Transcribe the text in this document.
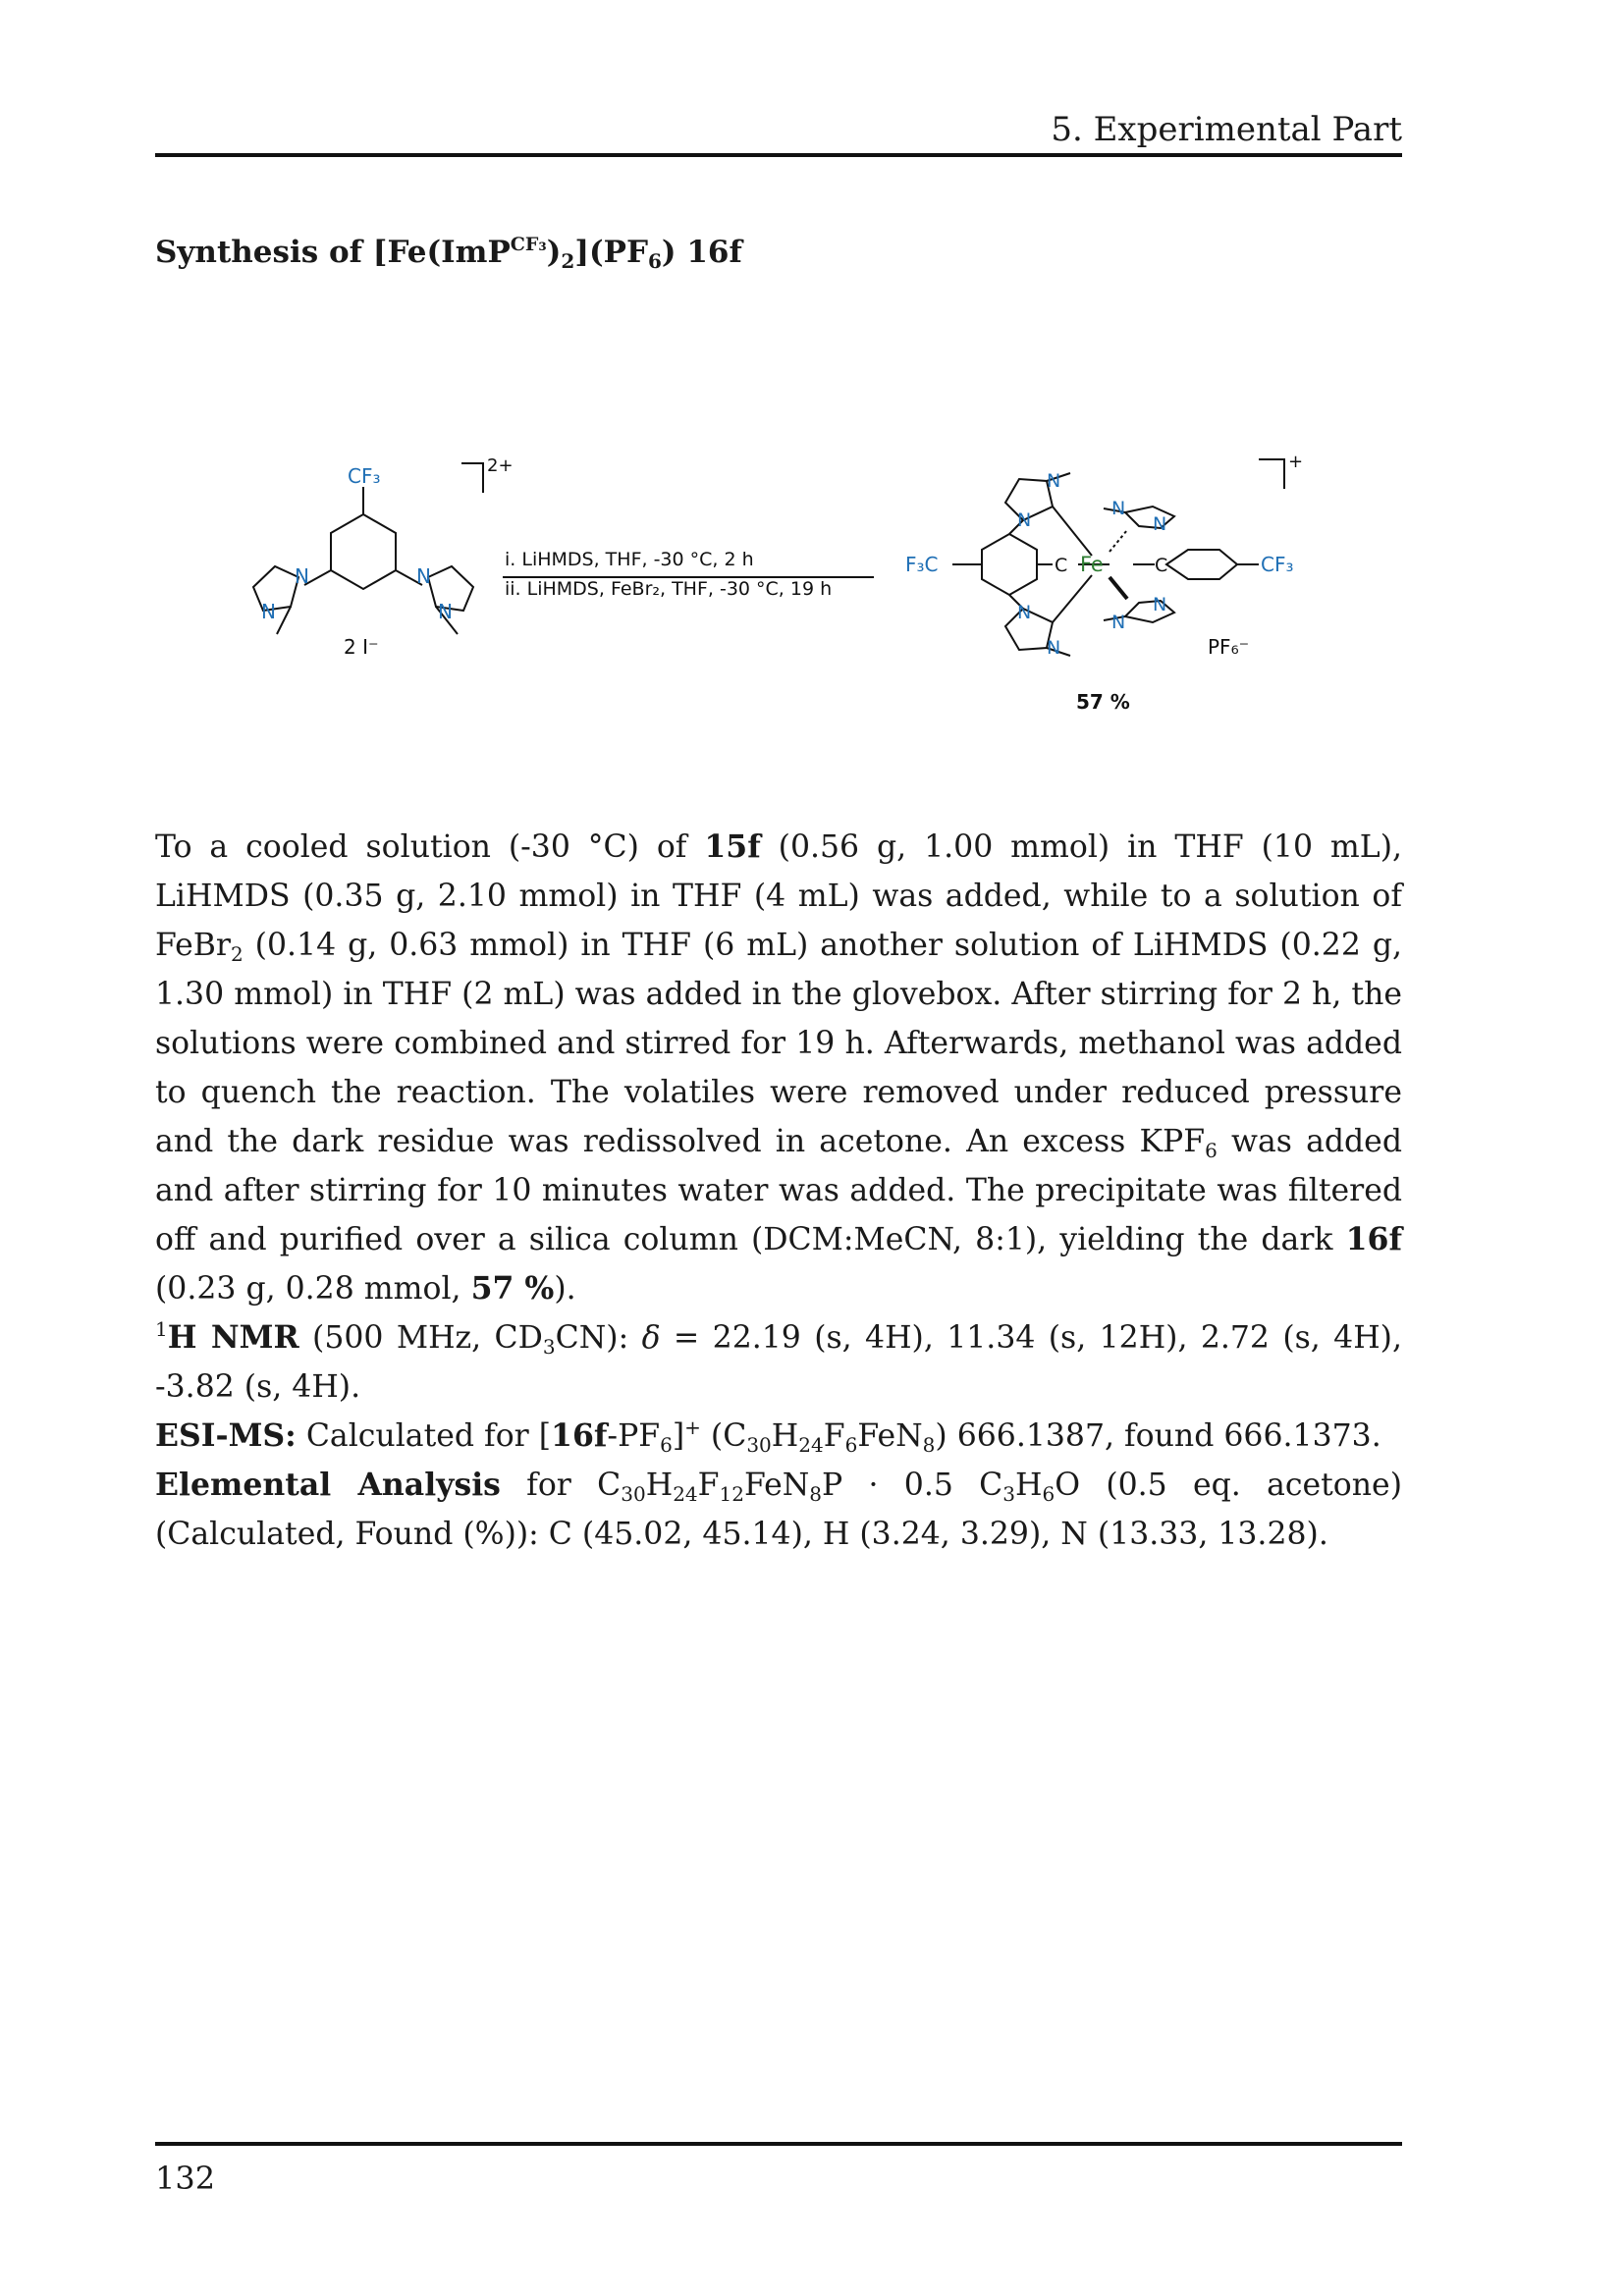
5. Experimental Part
Synthesis of $[Fe(ImP^{CF_3})_2](PF_6)$ 16f
CF₃	2+
N
N
N
N
2 I⁻
i. LiHMDS, THF, -30 °C, 2 h
ii. LiHMDS, FeBr₂, THF, -30 °C, 19 h
+
F₃C	CF₃
Fe
C	C
N
N
N
N
N
N
N
N
PF₆⁻
57 %

To a cooled solution (-30 °C) of 15f (0.56 g, 1.00 mmol) in THF (10 mL), LiHMDS (0.35 g, 2.10 mmol) in THF (4 mL) was added, while to a solution of FeBr$_2$ (0.14 g, 0.63 mmol) in THF (6 mL) another solution of LiHMDS (0.22 g, 1.30 mmol) in THF (2 mL) was added in the glovebox. After stirring for 2 h, the solutions were combined and stirred for 19 h. Afterwards, methanol was added to quench the reaction. The volatiles were removed under reduced pressure and the dark residue was redissolved in acetone. An excess $KPF_6$ was added and after stirring for 10 minutes water was added. The precipitate was filtered off and purified over a silica column (DCM:MeCN, 8:1), yielding the dark 16f (0.23 g, 0.28 mmol, 57 %).

$^1$H NMR (500 MHz, $CD_3CN$): δ = 22.19 (s, 4H), 11.34 (s, 12H), 2.72 (s, 4H), -3.82 (s, 4H).

ESI-MS: Calculated for $[16f-PF_6]^+$ $(C_{30}H_{24}F_6FeN_8)$ 666.1387, found 666.1373.

Elemental Analysis for $C_{30}H_{24}F_{12}FeN_8P \cdot 0.5$ $C_3H_6O$ (0.5 eq. acetone) (Calculated, Found (%)): C (45.02, 45.14), H (3.24, 3.29), N (13.33, 13.28).

132
